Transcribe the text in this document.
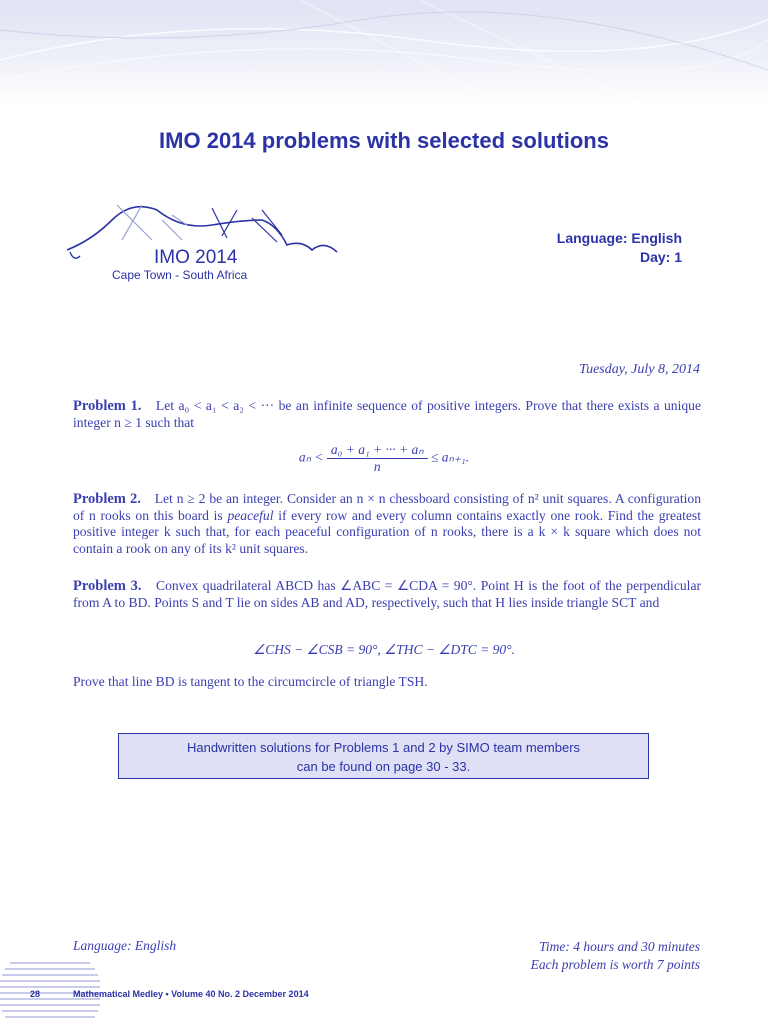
IMO 2014 problems with selected solutions
IMO 2014
Cape Town - South Africa
Language: English
Day: 1
Tuesday, July 8, 2014
Problem 1. Let a₀ < a₁ < a₂ < ··· be an infinite sequence of positive integers. Prove that there exists a unique integer n ≥ 1 such that
$a_n < \frac{\text{a₀ + a₁ + ··· + aₙ}}{n} \le a_{n+1}$.
Problem 2. Let n ≥ 2 be an integer. Consider an n × n chessboard consisting of n² unit squares. A configuration of n rooks on this board is peaceful if every row and every column contains exactly one rook. Find the greatest positive integer k such that, for each peaceful configuration of n rooks, there is a k × k square which does not contain a rook on any of its k² unit squares.
Problem 3. Convex quadrilateral ABCD has ∠ABC = ∠CDA = 90°. Point H is the foot of the perpendicular from A to BD. Points S and T lie on sides AB and AD, respectively, such that H lies inside triangle SCT and
∠CHS − ∠CSB = 90°, ∠THC − ∠DTC = 90°.
Prove that line BD is tangent to the circumcircle of triangle TSH.
Handwritten solutions for Problems 1 and 2 by SIMO team members
can be found on page 30 - 33.
Language: English	Time: 4 hours and 30 minutes
Each problem is worth 7 points
28	Mathematical Medley • Volume 40 No. 2 December 2014
